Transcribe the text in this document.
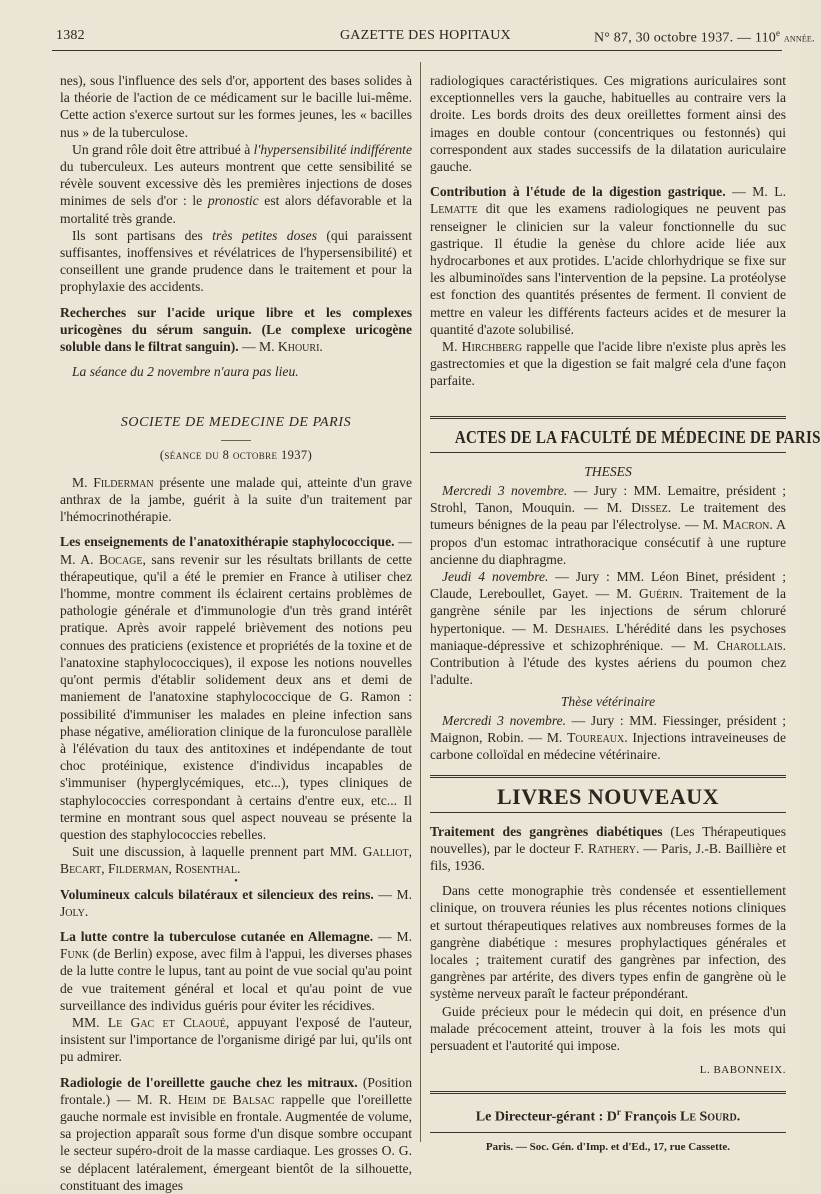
1382	GAZETTE DES HOPITAUX	N° 87, 30 octobre 1937. — 110e année.

nes), sous l'influence des sels d'or, apportent des bases solides à la théorie de l'action de ce médicament sur le bacille lui-même. Cette action s'exerce surtout sur les formes jeunes, les « bacilles nus » de la tuberculose.

Un grand rôle doit être attribué à l'hypersensibilité indifférente du tuberculeux. Les auteurs montrent que cette sensibilité se révèle souvent excessive dès les premières injections de doses minimes de sels d'or : le pronostic est alors défavorable et la mortalité très grande.

Ils sont partisans des très petites doses (qui paraissent suffisantes, inoffensives et révélatrices de l'hypersensibilité) et conseillent une grande prudence dans le traitement et pour la prophylaxie des accidents.

Recherches sur l'acide urique libre et les complexes uricogènes du sérum sanguin. (Le complexe uricogène soluble dans le filtrat sanguin). — M. Khouri.

La séance du 2 novembre n'aura pas lieu.

SOCIETE DE MEDECINE DE PARIS
(séance du 8 octobre 1937)

M. Filderman présente une malade qui, atteinte d'un grave anthrax de la jambe, guérit à la suite d'un traitement par l'hémocrinothérapie.

Les enseignements de l'anatoxithérapie staphylococcique. — M. A. Bocage, sans revenir sur les résultats brillants de cette thérapeutique, qu'il a été le premier en France à utiliser chez l'homme, montre comment ils éclairent certains problèmes de pathologie générale et d'immunologie d'un très grand intérêt pratique. Après avoir rappelé brièvement des notions peu connues des praticiens (existence et propriétés de la toxine et de l'anatoxine staphylococciques), il expose les notions nouvelles qu'ont permis d'établir solidement deux ans et demi de maniement de l'anatoxine staphylococcique de G. Ramon : possibilité d'immuniser les malades en pleine infection sans phase négative, amélioration clinique de la furonculose parallèle à l'élévation du taux des antitoxines et indépendante de tout choc protéinique, existence d'individus incapables de s'immuniser (hyperglycémiques, etc...), types cliniques de staphylococcies correspondant à certains d'entre eux, etc... Il termine en montrant sous quel aspect nouveau se présente la question des staphylococcies rebelles.

Suit une discussion, à laquelle prennent part MM. Galliot, Becart, Filderman, Rosenthal.

•

Volumineux calculs bilatéraux et silencieux des reins. — M. Joly.

La lutte contre la tuberculose cutanée en Allemagne. — M. Funk (de Berlin) expose, avec film à l'appui, les diverses phases de la lutte contre le lupus, tant au point de vue social qu'au point de vue traitement général et local et qu'au point de vue surveillance des individus guéris pour éviter les récidives.

MM. Le Gac et Claoué, appuyant l'exposé de l'auteur, insistent sur l'importance de l'organisme dirigé par lui, qu'ils ont pu admirer.

Radiologie de l'oreillette gauche chez les mitraux. (Position frontale.) — M. R. Heim de Balsac rappelle que l'oreillette gauche normale est invisible en frontale. Augmentée de volume, sa projection apparaît sous forme d'un disque sombre occupant le secteur supéro-droit de la masse cardiaque. Les grosses O. G. se déplacent latéralement, émergeant bientôt de la silhouette, constituant des images

radiologiques caractéristiques. Ces migrations auriculaires sont exceptionnelles vers la gauche, habituelles au contraire vers la droite. Les bords droits des deux oreillettes forment ainsi des images en double contour (concentriques ou festonnés) qui correspondent aux stades successifs de la dilatation auriculaire gauche.

Contribution à l'étude de la digestion gastrique. — M. L. Lematte dit que les examens radiologiques ne peuvent pas renseigner le clinicien sur la valeur fonctionnelle du suc gastrique. Il étudie la genèse du chlore acide liée aux hydrocarbones et aux protides. L'acide chlorhydrique se fixe sur les albuminoïdes sans l'intervention de la pepsine. La protéolyse est fonction des quantités présentes de ferment. Il convient de mettre en valeur les différents facteurs acides et de mesurer la quantité d'azote solubilisé.

M. Hirchberg rappelle que l'acide libre n'existe plus après les gastrectomies et que la digestion se fait malgré cela d'une façon parfaite.

ACTES DE LA FACULTÉ DE MÉDECINE DE PARIS
THESES

Mercredi 3 novembre. — Jury : MM. Lemaitre, président ; Strohl, Tanon, Mouquin. — M. Dissez. Le traitement des tumeurs bénignes de la peau par l'électrolyse. — M. Macron. A propos d'un estomac intrathoracique consécutif à une rupture ancienne du diaphragme.

Jeudi 4 novembre. — Jury : MM. Léon Binet, président ; Claude, Lereboullet, Gayet. — M. Guérin. Traitement de la gangrène sénile par les injections de sérum chloruré hypertonique. — M. Deshaies. L'hérédité dans les psychoses maniaque-dépressive et schizophrénique. — M. Charollais. Contribution à l'étude des kystes aériens du poumon chez l'adulte.

Thèse vétérinaire

Mercredi 3 novembre. — Jury : MM. Fiessinger, président ; Maignon, Robin. — M. Toureaux. Injections intraveineuses de carbone colloïdal en médecine vétérinaire.

LIVRES NOUVEAUX

Traitement des gangrènes diabétiques (Les Thérapeutiques nouvelles), par le docteur F. Rathery. — Paris, J.-B. Baillière et fils, 1936.

Dans cette monographie très condensée et essentiellement clinique, on trouvera réunies les plus récentes notions cliniques et surtout thérapeutiques relatives aux nombreuses formes de la gangrène diabétique : mesures prophylactiques générales et locales ; traitement curatif des gangrènes par infection, des gangrènes par artérite, des divers types enfin de gangrène où le système nerveux paraît le facteur prépondérant.

Guide précieux pour le médecin qui doit, en présence d'un malade précocement atteint, trouver à la fois les mots qui persuadent et l'autorité qui impose.

L. BABONNEIX.
Le Directeur-gérant : $D^r$ François Le Sourd.
Paris. — Soc. Gén. d'Imp. et d'Ed., 17, rue Cassette.
